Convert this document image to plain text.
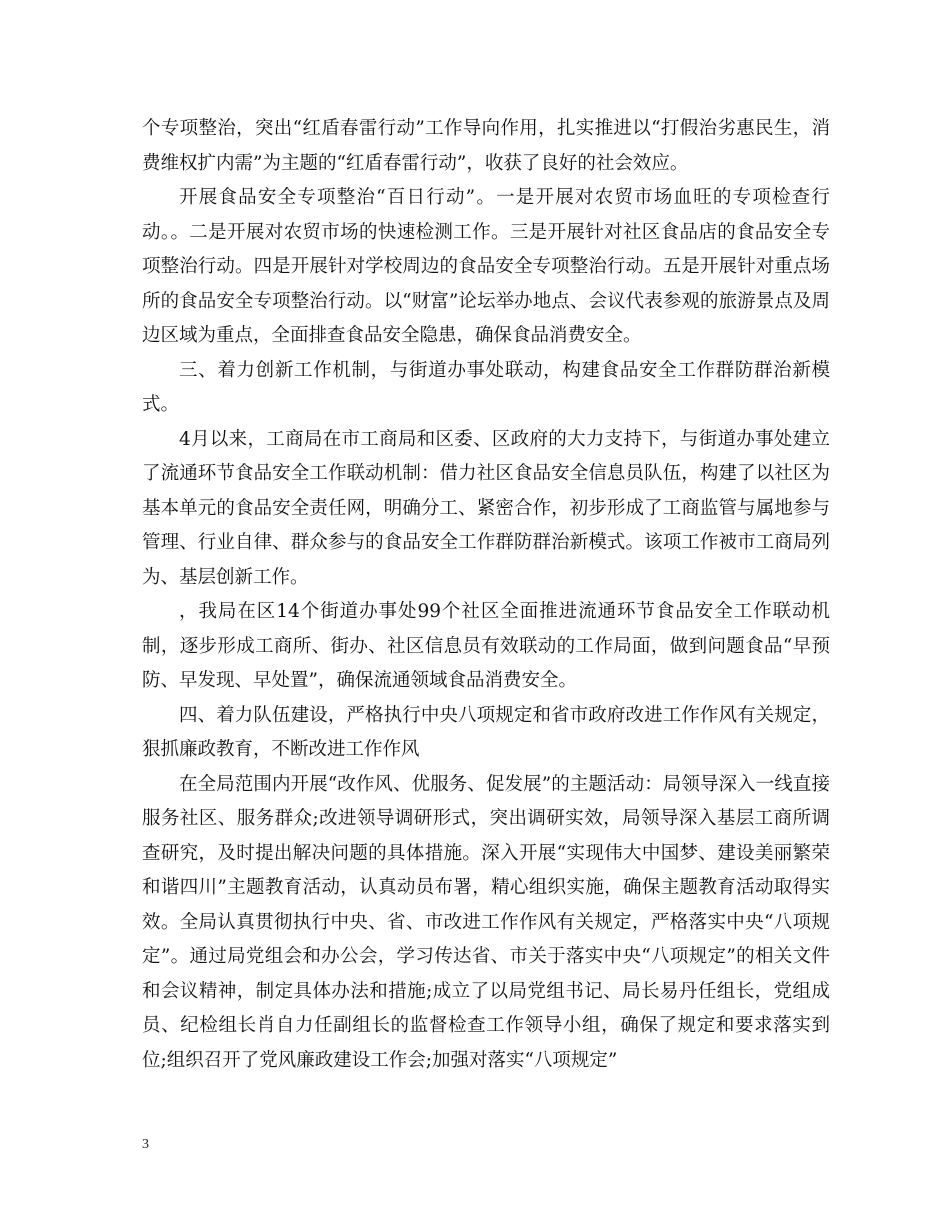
个专项整治，突出“红盾春雷行动”工作导向作用，扎实推进以“打假治劣惠民生，消费维权扩内需”为主题的“红盾春雷行动”，收获了良好的社会效应。

开展食品安全专项整治“百日行动”。一是开展对农贸市场血旺的专项检查行动。。二是开展对农贸市场的快速检测工作。三是开展针对社区食品店的食品安全专项整治行动。四是开展针对学校周边的食品安全专项整治行动。五是开展针对重点场所的食品安全专项整治行动。以“财富”论坛举办地点、会议代表参观的旅游景点及周边区域为重点，全面排查食品安全隐患，确保食品消费安全。

三、着力创新工作机制，与街道办事处联动，构建食品安全工作群防群治新模式。

4月以来，工商局在市工商局和区委、区政府的大力支持下，与街道办事处建立了流通环节食品安全工作联动机制：借力社区食品安全信息员队伍，构建了以社区为基本单元的食品安全责任网，明确分工、紧密合作，初步形成了工商监管与属地参与管理、行业自律、群众参与的食品安全工作群防群治新模式。该项工作被市工商局列为、基层创新工作。

，我局在区14个街道办事处99个社区全面推进流通环节食品安全工作联动机制，逐步形成工商所、街办、社区信息员有效联动的工作局面，做到问题食品“早预防、早发现、早处置”，确保流通领域食品消费安全。

四、着力队伍建设，严格执行中央八项规定和省市政府改进工作作风有关规定，狠抓廉政教育，不断改进工作作风

在全局范围内开展“改作风、优服务、促发展”的主题活动：局领导深入一线直接服务社区、服务群众;改进领导调研形式，突出调研实效，局领导深入基层工商所调查研究，及时提出解决问题的具体措施。深入开展“实现伟大中国梦、建设美丽繁荣和谐四川”主题教育活动，认真动员布署，精心组织实施，确保主题教育活动取得实效。全局认真贯彻执行中央、省、市改进工作作风有关规定，严格落实中央“八项规定”。通过局党组会和办公会，学习传达省、市关于落实中央“八项规定”的相关文件和会议精神，制定具体办法和措施;成立了以局党组书记、局长易丹任组长，党组成员、纪检组长肖自力任副组长的监督检查工作领导小组，确保了规定和要求落实到位;组织召开了党风廉政建设工作会;加强对落实“八项规定”

3
